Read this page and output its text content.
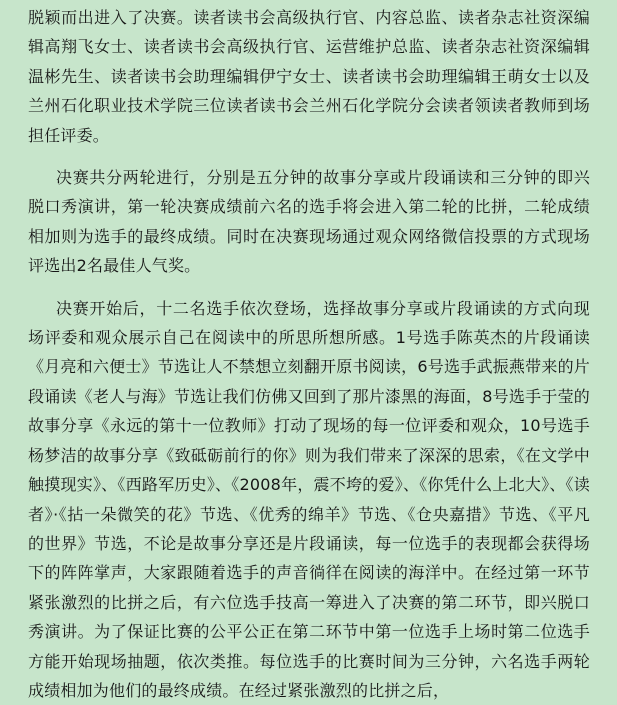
脱颖而出进入了决赛。读者读书会高级执行官、内容总监、读者杂志社资深编辑高翔飞女士、读者读书会高级执行官、运营维护总监、读者杂志社资深编辑温彬先生、读者读书会助理编辑伊宁女士、读者读书会助理编辑王萌女士以及兰州石化职业技术学院三位读者读书会兰州石化学院分会读者领读者教师到场担任评委。

决赛共分两轮进行，分别是五分钟的故事分享或片段诵读和三分钟的即兴脱口秀演讲，第一轮决赛成绩前六名的选手将会进入第二轮的比拼，二轮成绩相加则为选手的最终成绩。同时在决赛现场通过观众网络微信投票的方式现场评选出2名最佳人气奖。

决赛开始后，十二名选手依次登场，选择故事分享或片段诵读的方式向现场评委和观众展示自己在阅读中的所思所想所感。1号选手陈英杰的片段诵读《月亮和六便士》节选让人不禁想立刻翻开原书阅读，6号选手武振燕带来的片段诵读《老人与海》节选让我们仿佛又回到了那片漆黑的海面，8号选手于莹的故事分享《永远的第十一位教师》打动了现场的每一位评委和观众，10号选手杨梦洁的故事分享《致砥砺前行的你》则为我们带来了深深的思索，《在文学中触摸现实》、《西路军历史》、《2008年，震不垮的爱》、《你凭什么上北大》、《读者》·《拈一朵微笑的花》节选、《优秀的绵羊》节选、《仓央嘉措》节选、《平凡的世界》节选，不论是故事分享还是片段诵读，每一位选手的表现都会获得场下的阵阵掌声，大家跟随着选手的声音徜徉在阅读的海洋中。在经过第一环节紧张激烈的比拼之后，有六位选手技高一筹进入了决赛的第二环节，即兴脱口秀演讲。为了保证比赛的公平公正在第二环节中第一位选手上场时第二位选手方能开始现场抽题，依次类推。每位选手的比赛时间为三分钟，六名选手两轮成绩相加为他们的最终成绩。在经过紧张激烈的比拼之后，
